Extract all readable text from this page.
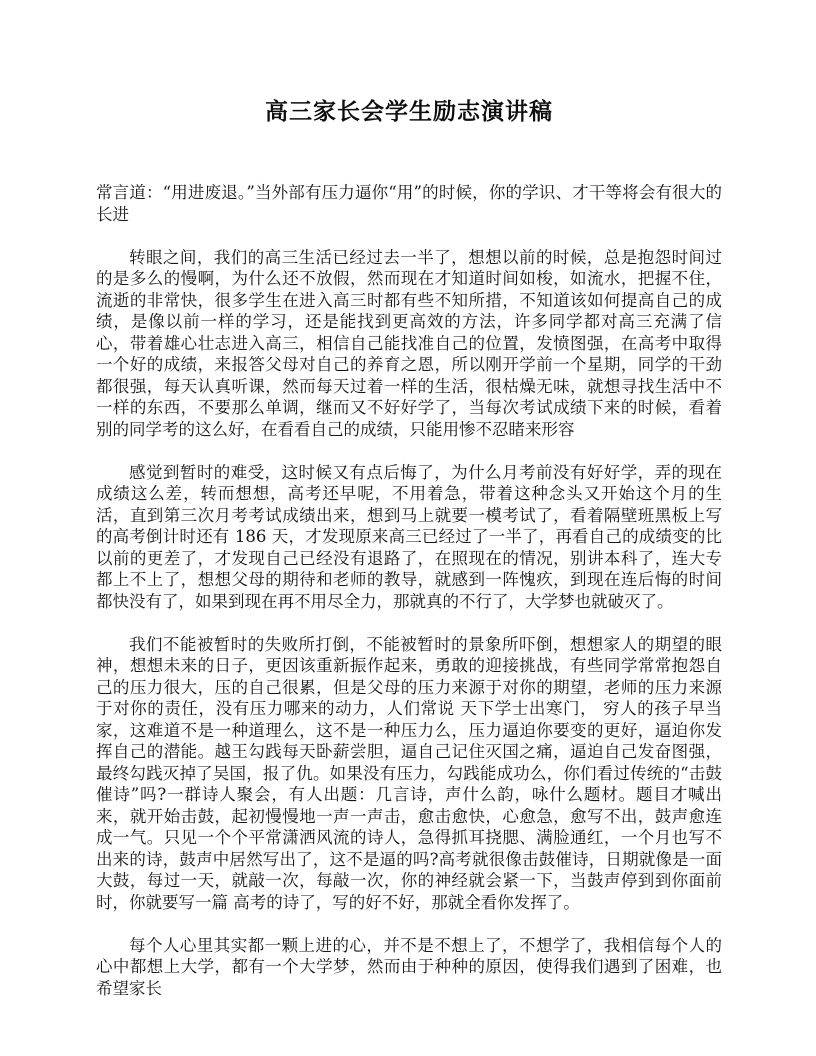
高三家长会学生励志演讲稿

常言道：“用进废退。”当外部有压力逼你“用”的时候，你的学识、才干等将会有很大的长进

转眼之间，我们的高三生活已经过去一半了，想想以前的时候，总是抱怨时间过的是多么的慢啊，为什么还不放假，然而现在才知道时间如梭，如流水，把握不住，流逝的非常快，很多学生在进入高三时都有些不知所措，不知道该如何提高自己的成绩，是像以前一样的学习，还是能找到更高效的方法，许多同学都对高三充满了信心，带着雄心壮志进入高三，相信自己能找准自己的位置，发愤图强，在高考中取得一个好的成绩，来报答父母对自己的养育之恩，所以刚开学前一个星期，同学的干劲都很强，每天认真听课，然而每天过着一样的生活，很枯燥无味，就想寻找生活中不一样的东西，不要那么单调，继而又不好好学了，当每次考试成绩下来的时候，看着别的同学考的这么好，在看看自己的成绩，只能用惨不忍睹来形容

感觉到暂时的难受，这时候又有点后悔了，为什么月考前没有好好学，弄的现在成绩这么差，转而想想，高考还早呢，不用着急，带着这种念头又开始这个月的生活，直到第三次月考考试成绩出来，想到马上就要一模考试了，看着隔壁班黑板上写的高考倒计时还有 186 天，才发现原来高三已经过了一半了，再看自己的成绩变的比以前的更差了，才发现自己已经没有退路了，在照现在的情况，别讲本科了，连大专都上不上了，想想父母的期待和老师的教导，就感到一阵愧疚，到现在连后悔的时间都快没有了，如果到现在再不用尽全力，那就真的不行了，大学梦也就破灭了。

我们不能被暂时的失败所打倒，不能被暂时的景象所吓倒，想想家人的期望的眼神，想想未来的日子，更因该重新振作起来，勇敢的迎接挑战，有些同学常常抱怨自己的压力很大，压的自己很累，但是父母的压力来源于对你的期望，老师的压力来源于对你的责任，没有压力哪来的动力，人们常说 天下学士出寒门， 穷人的孩子早当家，这难道不是一种道理么，这不是一种压力么，压力逼迫你要变的更好，逼迫你发挥自己的潜能。越王勾践每天卧薪尝胆，逼自己记住灭国之痛，逼迫自己发奋图强，最终勾践灭掉了吴国，报了仇。如果没有压力，勾践能成功么，你们看过传统的“击鼓催诗”吗?一群诗人聚会，有人出题：几言诗，声什么韵，咏什么题材。题目才喊出来，就开始击鼓，起初慢慢地一声一声击，愈击愈快，心愈急，愈写不出，鼓声愈连成一气。只见一个个平常潇洒风流的诗人，急得抓耳挠腮、满脸通红，一个月也写不出来的诗，鼓声中居然写出了，这不是逼的吗?高考就很像击鼓催诗，日期就像是一面大鼓，每过一天，就敲一次，每敲一次，你的神经就会紧一下，当鼓声停到到你面前时，你就要写一篇 高考的诗了，写的好不好，那就全看你发挥了。

每个人心里其实都一颗上进的心，并不是不想上了，不想学了，我相信每个人的心中都想上大学，都有一个大学梦，然而由于种种的原因，使得我们遇到了困难，也希望家长
